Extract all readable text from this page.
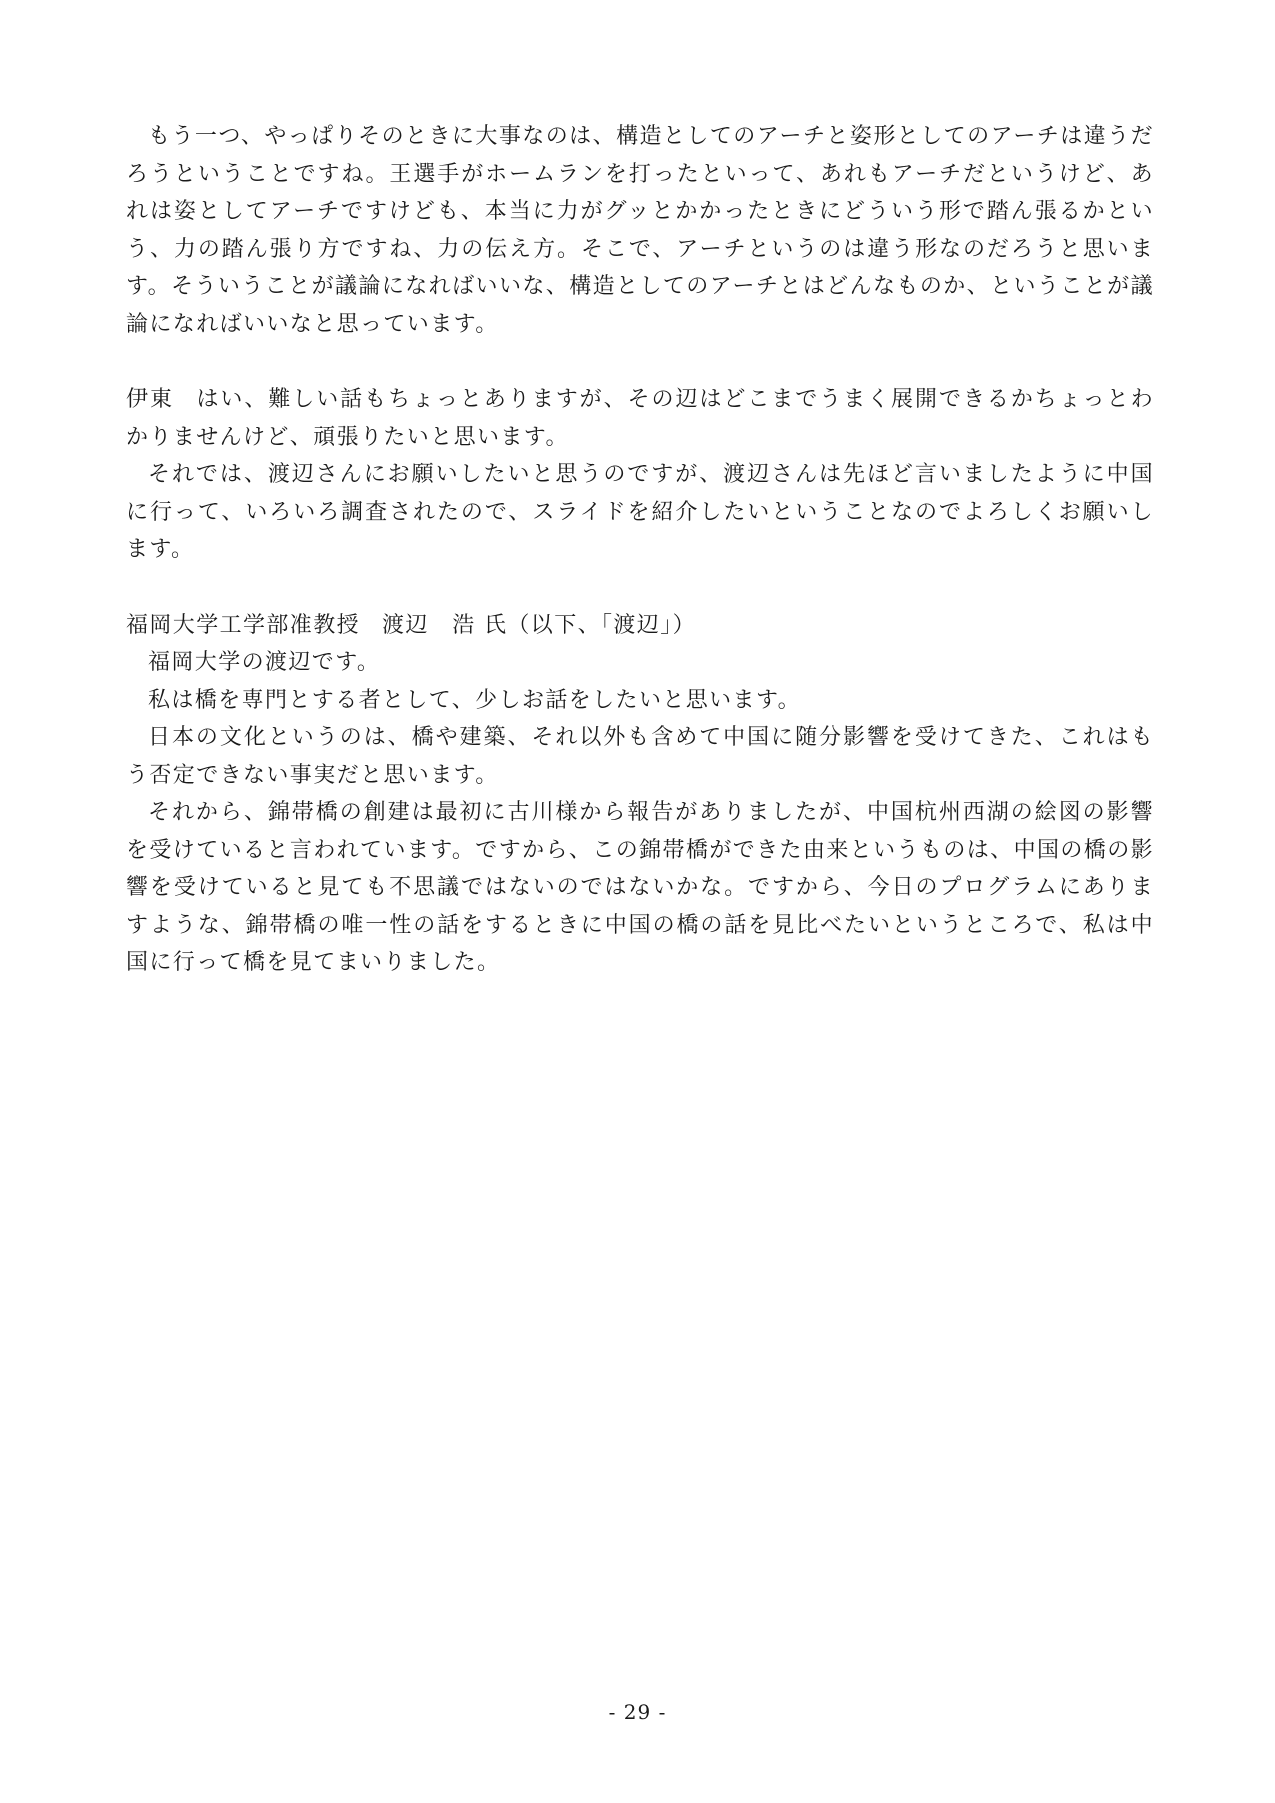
もう一つ、やっぱりそのときに大事なのは、構造としてのアーチと姿形としてのアーチは違うだろうということですね。王選手がホームランを打ったといって、あれもアーチだというけど、あれは姿としてアーチですけども、本当に力がグッとかかったときにどういう形で踏ん張るかという、力の踏ん張り方ですね、力の伝え方。そこで、アーチというのは違う形なのだろうと思います。そういうことが議論になればいいな、構造としてのアーチとはどんなものか、ということが議論になればいいなと思っています。

伊東 はい、難しい話もちょっとありますが、その辺はどこまでうまく展開できるかちょっとわかりませんけど、頑張りたいと思います。

それでは、渡辺さんにお願いしたいと思うのですが、渡辺さんは先ほど言いましたように中国に行って、いろいろ調査されたので、スライドを紹介したいということなのでよろしくお願いします。

福岡大学工学部准教授 渡辺　浩 氏（以下、「渡辺」）

福岡大学の渡辺です。

私は橋を専門とする者として、少しお話をしたいと思います。

日本の文化というのは、橋や建築、それ以外も含めて中国に随分影響を受けてきた、これはもう否定できない事実だと思います。

それから、錦帯橋の創建は最初に古川様から報告がありましたが、中国杭州西湖の絵図の影響を受けていると言われています。ですから、この錦帯橋ができた由来というものは、中国の橋の影響を受けていると見ても不思議ではないのではないかな。ですから、今日のプログラムにありますような、錦帯橋の唯一性の話をするときに中国の橋の話を見比べたいというところで、私は中国に行って橋を見てまいりました。

- 29 -
